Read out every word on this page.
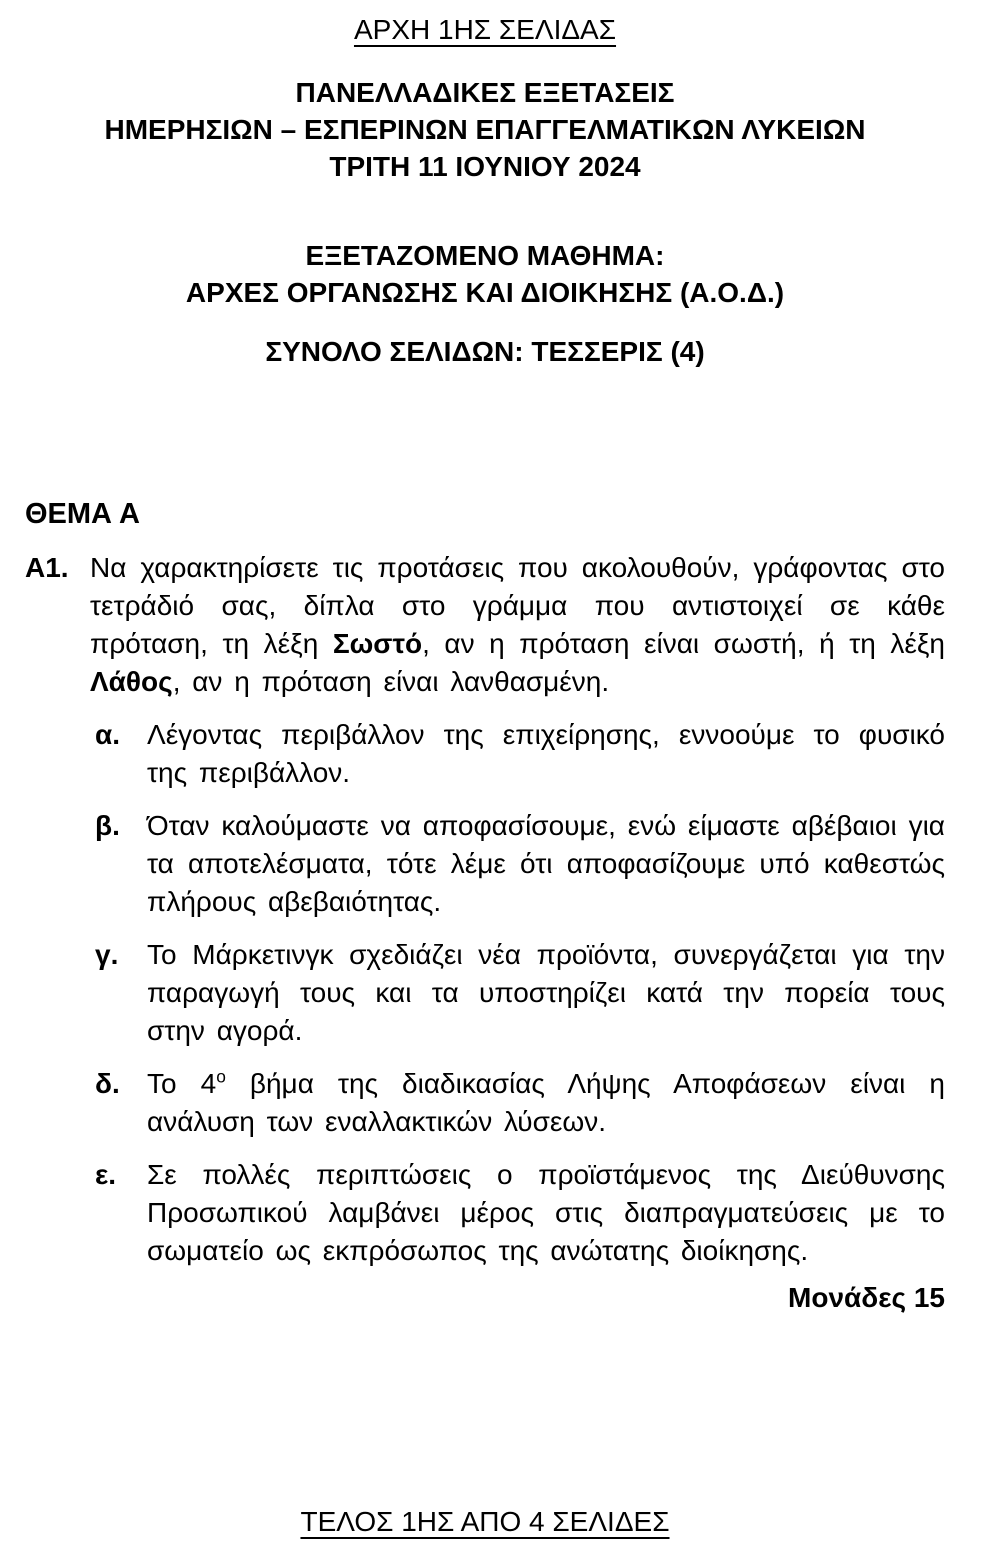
ΑΡΧΗ 1ΗΣ ΣΕΛΙΔΑΣ
ΠΑΝΕΛΛΑΔΙΚΕΣ ΕΞΕΤΑΣΕΙΣ
ΗΜΕΡΗΣΙΩΝ – ΕΣΠΕΡΙΝΩΝ ΕΠΑΓΓΕΛΜΑΤΙΚΩΝ ΛΥΚΕΙΩΝ
ΤΡΙΤΗ 11 ΙΟΥΝΙΟΥ 2024
ΕΞΕΤΑΖΟΜΕΝΟ ΜΑΘΗΜΑ:
ΑΡΧΕΣ ΟΡΓΑΝΩΣΗΣ ΚΑΙ ΔΙΟΙΚΗΣΗΣ (Α.Ο.Δ.)
ΣΥΝΟΛΟ ΣΕΛΙΔΩΝ: ΤΕΣΣΕΡΙΣ (4)
ΘΕΜΑ Α
Α1. Να χαρακτηρίσετε τις προτάσεις που ακολουθούν, γράφοντας στο τετράδιό σας, δίπλα στο γράμμα που αντιστοιχεί σε κάθε πρόταση, τη λέξη Σωστό, αν η πρόταση είναι σωστή, ή τη λέξη Λάθος, αν η πρόταση είναι λανθασμένη.
α. Λέγοντας περιβάλλον της επιχείρησης, εννοούμε το φυσικό της περιβάλλον.
β. Όταν καλούμαστε να αποφασίσουμε, ενώ είμαστε αβέβαιοι για τα αποτελέσματα, τότε λέμε ότι αποφασίζουμε υπό καθεστώς πλήρους αβεβαιότητας.
γ. Το Μάρκετινγκ σχεδιάζει νέα προϊόντα, συνεργάζεται για την παραγωγή τους και τα υποστηρίζει κατά την πορεία τους στην αγορά.
δ. Το $4^o$ βήμα της διαδικασίας Λήψης Αποφάσεων είναι η ανάλυση των εναλλακτικών λύσεων.
ε. Σε πολλές περιπτώσεις ο προϊστάμενος της Διεύθυνσης Προσωπικού λαμβάνει μέρος στις διαπραγματεύσεις με το σωματείο ως εκπρόσωπος της ανώτατης διοίκησης.
Μονάδες 15
ΤΕΛΟΣ 1ΗΣ ΑΠΟ 4 ΣΕΛΙΔΕΣ
